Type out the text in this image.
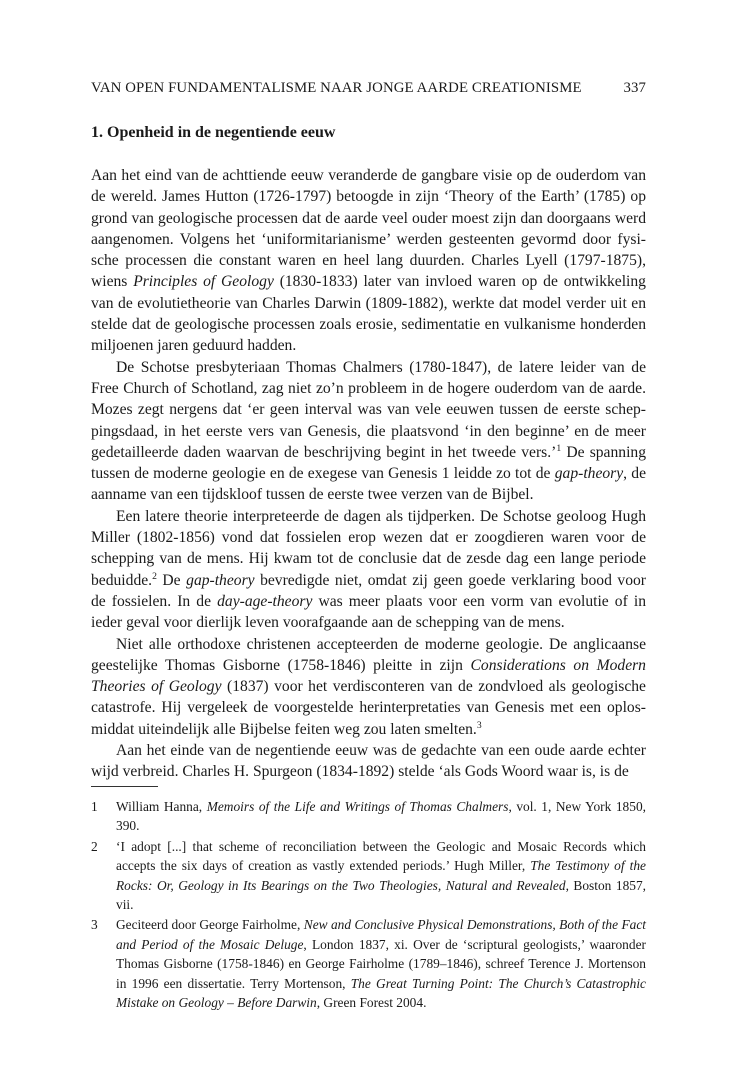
VAN OPEN FUNDAMENTALISME NAAR JONGE AARDE CREATIONISME	337
1. Openheid in de negentiende eeuw

Aan het eind van de achttiende eeuw veranderde de gangbare visie op de ouderdom van de wereld. James Hutton (1726-1797) betoogde in zijn ‘Theory of the Earth’ (1785) op grond van geologische processen dat de aarde veel ouder moest zijn dan doorgaans werd aangenomen. Volgens het ‘uniformitarianisme’ werden gesteenten gevormd door fysische processen die constant waren en heel lang duurden. Charles Lyell (1797-1875), wiens Principles of Geology (1830-1833) later van invloed waren op de ontwikkeling van de evolutietheorie van Charles Darwin (1809-1882), werkte dat model verder uit en stelde dat de geologische processen zoals erosie, sedimentatie en vulkanisme honderden miljoenen jaren geduurd hadden.

De Schotse presbyteriaan Thomas Chalmers (1780-1847), de latere leider van de Free Church of Schotland, zag niet zo’n probleem in de hogere ouderdom van de aarde. Mozes zegt nergens dat ‘er geen interval was van vele eeuwen tussen de eerste scheppingsdaad, in het eerste vers van Genesis, die plaatsvond ‘in den beginne’ en de meer gedetailleerde daden waarvan de beschrijving begint in het tweede vers.’$^1$ De spanning tussen de moderne geologie en de exegese van Genesis 1 leidde zo tot de gap-theory, de aanname van een tijdskloof tussen de eerste twee verzen van de Bijbel.

Een latere theorie interpreteerde de dagen als tijdperken. De Schotse geoloog Hugh Miller (1802-1856) vond dat fossielen erop wezen dat er zoogdieren waren voor de schepping van de mens. Hij kwam tot de conclusie dat de zesde dag een lange periode beduidde.$^2$ De gap-theory bevredigde niet, omdat zij geen goede verklaring bood voor de fossielen. In de day-age-theory was meer plaats voor een vorm van evolutie of in ieder geval voor dierlijk leven voorafgaande aan de schepping van de mens.

Niet alle orthodoxe christenen accepteerden de moderne geologie. De anglicaanse geestelijke Thomas Gisborne (1758-1846) pleitte in zijn Considerations on Modern Theories of Geology (1837) voor het verdisconteren van de zondvloed als geologische catastrofe. Hij vergeleek de voorgestelde herinterpretaties van Genesis met een oplosmiddat uiteindelijk alle Bijbelse feiten weg zou laten smelten.$^3$

Aan het einde van de negentiende eeuw was de gedachte van een oude aarde echter wijd verbreid. Charles H. Spurgeon (1834-1892) stelde ‘als Gods Woord waar is, is de

1	William Hanna, Memoirs of the Life and Writings of Thomas Chalmers, vol. 1, New York 1850, 390.
2	‘I adopt [...] that scheme of reconciliation between the Geologic and Mosaic Records which accepts the six days of creation as vastly extended periods.’ Hugh Miller, The Testimony of the Rocks: Or, Geology in Its Bearings on the Two Theologies, Natural and Revealed, Boston 1857, vii.
3	Geciteerd door George Fairholme, New and Conclusive Physical Demonstrations, Both of the Fact and Period of the Mosaic Deluge, London 1837, xi. Over de ‘scriptural geologists,’ waaronder Thomas Gisborne (1758-1846) en George Fairholme (1789–1846), schreef Terence J. Mortenson in 1996 een dissertatie. Terry Mortenson, The Great Turning Point: The Church’s Catastrophic Mistake on Geology – Before Darwin, Green Forest 2004.
